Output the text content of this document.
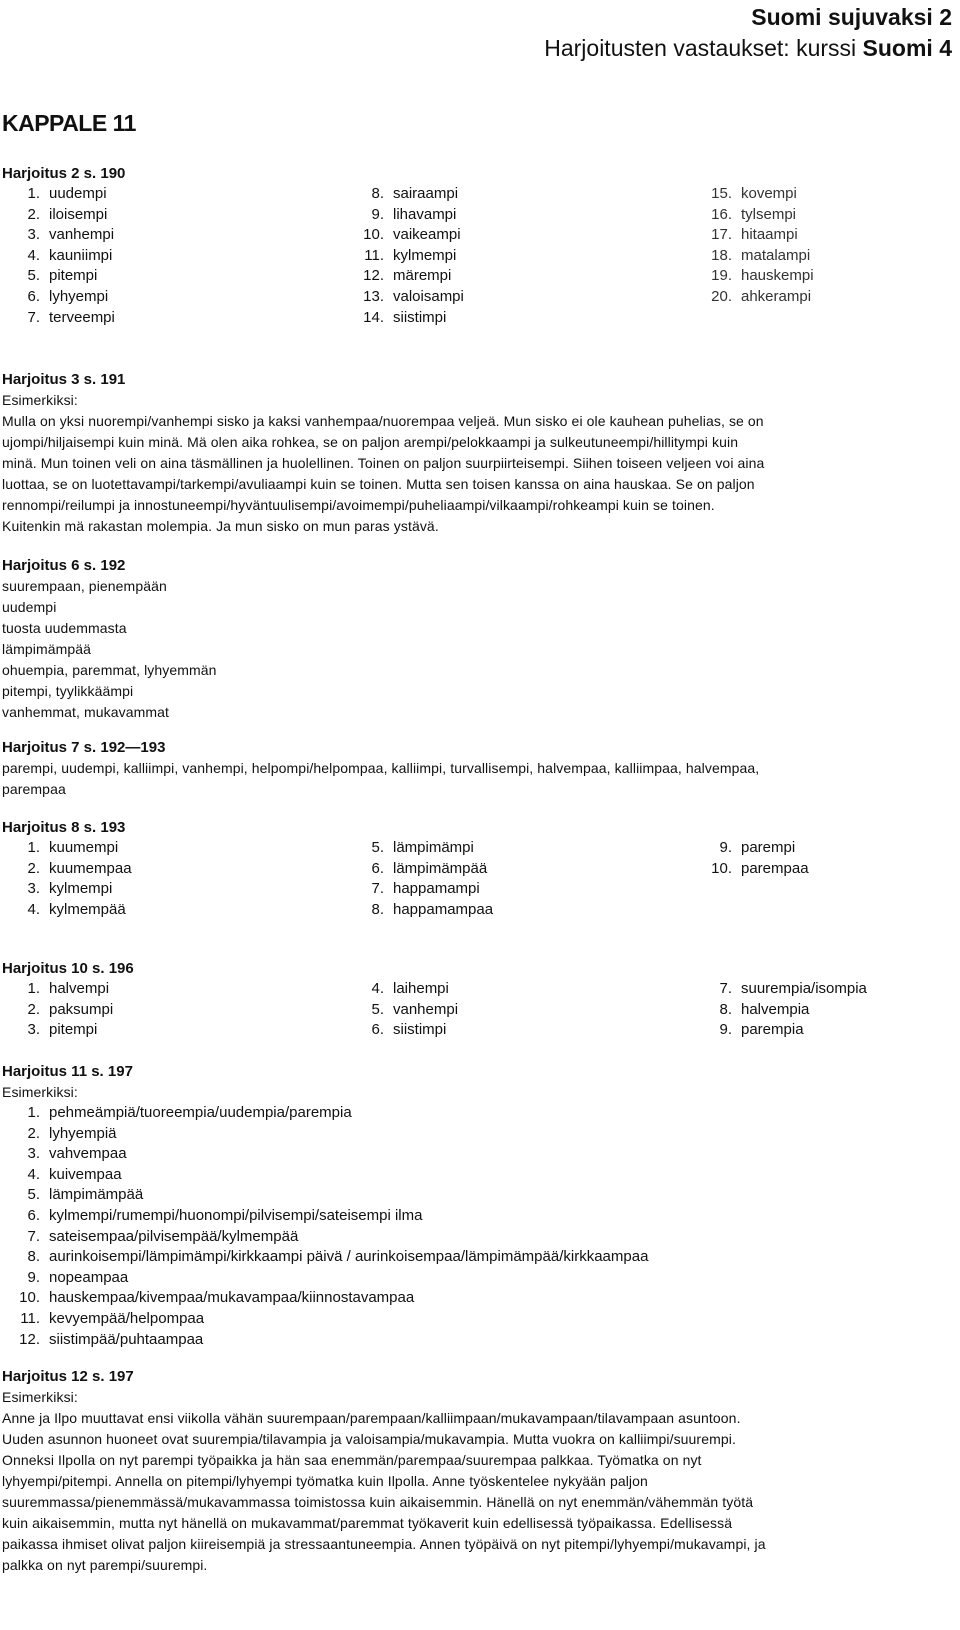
Suomi sujuvaksi 2
Harjoitusten vastaukset: kurssi Suomi 4
KAPPALE 11
Harjoitus 2 s. 190
1. uudempi
2. iloisempi
3. vanhempi
4. kauniimpi
5. pitempi
6. lyhyempi
7. terveempi
8. sairaampi
9. lihavampi
10. vaikeampi
11. kylmempi
12. märempi
13. valoisampi
14. siistimpi
15. kovempi
16. tylsempi
17. hitaampi
18. matalampi
19. hauskempi
20. ahkerampi
Harjoitus 3 s. 191
Esimerkiksi:
Mulla on yksi nuorempi/vanhempi sisko ja kaksi vanhempaa/nuorempaa veljeä. Mun sisko ei ole kauhean puhelias, se on
ujompi/hiljaisempi kuin minä. Mä olen aika rohkea, se on paljon arempi/pelokkaampi ja sulkeutuneempi/hillitympi kuin
minä. Mun toinen veli on aina täsmällinen ja huolellinen. Toinen on paljon suurpiirteisempi. Siihen toiseen veljeen voi aina
luottaa, se on luotettavampi/tarkempi/avuliaampi kuin se toinen. Mutta sen toisen kanssa on aina hauskaa. Se on paljon
rennompi/reilumpi ja innostuneempi/hyväntuulisempi/avoimempi/puheliaampi/vilkaampi/rohkeampi kuin se toinen.
Kuitenkin mä rakastan molempia. Ja mun sisko on mun paras ystävä.
Harjoitus 6 s. 192
suurempaan, pienempään
uudempi
tuosta uudemmasta
lämpimämpää
ohuempia, paremmat, lyhyemmän
pitempi, tyylikkäämpi
vanhemmat, mukavammat
Harjoitus 7 s. 192—193
parempi, uudempi, kalliimpi, vanhempi, helpompi/helpompaa, kalliimpi, turvallisempi, halvempaa, kalliimpaa, halvempaa,
parempaa
Harjoitus 8 s. 193
1. kuumempi
2. kuumempaa
3. kylmempi
4. kylmempää
5. lämpimämpi
6. lämpimämpää
7. happamampi
8. happamampaa
9. parempi
10. parempaa
Harjoitus 10 s. 196
1. halvempi
2. paksumpi
3. pitempi
4. laihempi
5. vanhempi
6. siistimpi
7. suurempia/isompia
8. halvempia
9. parempia
Harjoitus 11 s. 197
Esimerkiksi:
1. pehmeämpiä/tuoreempia/uudempia/parempia
2. lyhyempiä
3. vahvempaa
4. kuivempaa
5. lämpimämpää
6. kylmempi/rumempi/huonompi/pilvisempi/sateisempi ilma
7. sateisempaa/pilvisempää/kylmempää
8. aurinkoisempi/lämpimämpi/kirkkaampi päivä / aurinkoisempaa/lämpimämpää/kirkkaampaa
9. nopeampaa
10. hauskempaa/kivempaa/mukavampaa/kiinnostavampaa
11. kevyempää/helpompaa
12. siistimpää/puhtaampaa
Harjoitus 12 s. 197
Esimerkiksi:
Anne ja Ilpo muuttavat ensi viikolla vähän suurempaan/parempaan/kalliimpaan/mukavampaan/tilavampaan asuntoon.
Uuden asunnon huoneet ovat suurempia/tilavampia ja valoisampia/mukavampia. Mutta vuokra on kalliimpi/suurempi.
Onneksi Ilpolla on nyt parempi työpaikka ja hän saa enemmän/parempaa/suurempaa palkkaa. Työmatka on nyt
lyhyempi/pitempi. Annella on pitempi/lyhyempi työmatka kuin Ilpolla. Anne työskentelee nykyään paljon
suuremmassa/pienemmässä/mukavammassa toimistossa kuin aikaisemmin. Hänellä on nyt enemmän/vähemmän työtä
kuin aikaisemmin, mutta nyt hänellä on mukavammat/paremmat työkaverit kuin edellisessä työpaikassa. Edellisessä
paikassa ihmiset olivat paljon kiireisempiä ja stressaantuneempia. Annen työpäivä on nyt pitempi/lyhyempi/mukavampi, ja
palkka on nyt parempi/suurempi.
